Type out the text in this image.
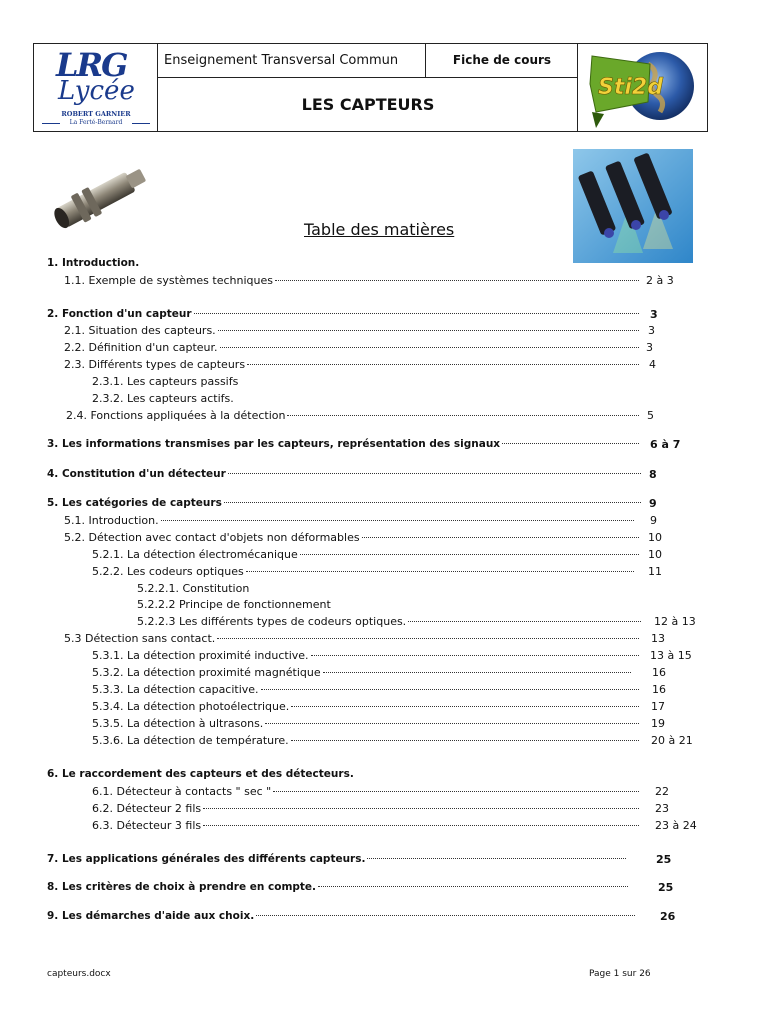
LRG
Lycée
ROBERT GARNIER
La Ferté-Bernard
Enseignement Transversal Commun	Fiche de cours
LES CAPTEURS
Sti2d
Table des matières
1. Introduction.
1.1. Exemple de systèmes techniques	2 à 3
2. Fonction d'un capteur	3
2.1. Situation des capteurs.	3
2.2. Définition d'un capteur.	3
2.3. Différents types de capteurs	4
2.3.1. Les capteurs passifs
2.3.2. Les capteurs actifs.
2.4. Fonctions appliquées à la détection	5
3. Les informations transmises par les capteurs, représentation des signaux	6 à 7
4. Constitution d'un détecteur	8
5. Les catégories de capteurs	9
5.1. Introduction.	9
5.2. Détection avec contact d'objets non déformables	10
5.2.1. La détection électromécanique	10
5.2.2. Les codeurs optiques	11
5.2.2.1. Constitution
5.2.2.2 Principe de fonctionnement
5.2.2.3 Les différents types de codeurs optiques.	12 à 13
5.3 Détection sans contact.	13
5.3.1. La détection proximité inductive.	13 à 15
5.3.2. La détection proximité magnétique	16
5.3.3. La détection capacitive.	16
5.3.4. La détection photoélectrique.	17
5.3.5. La détection à ultrasons.	19
5.3.6. La détection de température.	20 à 21
6. Le raccordement des capteurs et des détecteurs.
6.1. Détecteur à contacts " sec "	22
6.2. Détecteur 2 fils	23
6.3. Détecteur 3 fils	23 à 24
7. Les applications générales des différents capteurs.	25
8. Les critères de choix à prendre en compte.	25
9. Les démarches d'aide aux choix.	26
capteurs.docx	Page 1 sur 26
